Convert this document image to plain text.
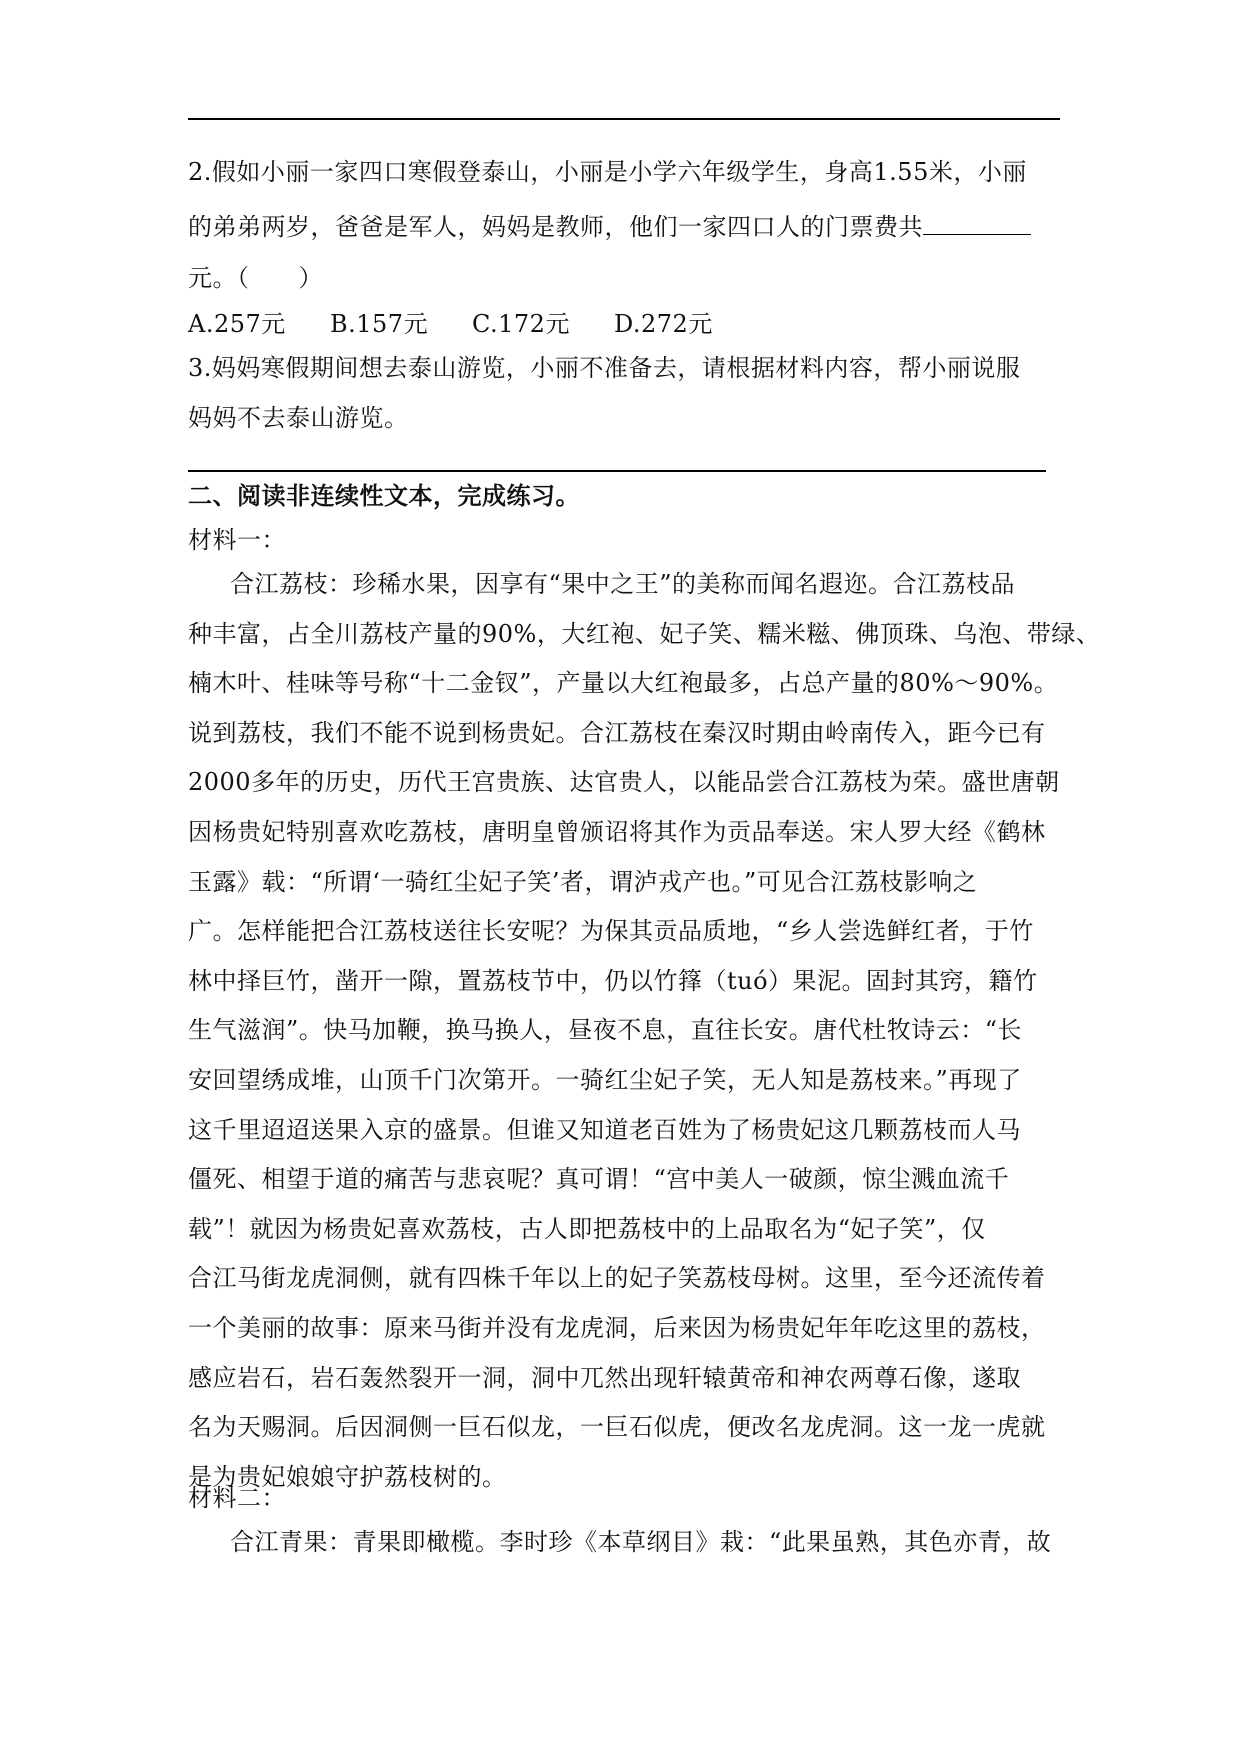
2.假如小丽一家四口寒假登泰山，小丽是小学六年级学生，身高1.55米，小丽
的弟弟两岁，爸爸是军人，妈妈是教师，他们一家四口人的门票费共
元。（　　）
A.257元 B.157元 C.172元 D.272元
3.妈妈寒假期间想去泰山游览，小丽不准备去，请根据材料内容，帮小丽说服
妈妈不去泰山游览。
二、阅读非连续性文本，完成练习。
材料一：
合江荔枝：珍稀水果，因享有“果中之王”的美称而闻名遐迩。合江荔枝品
种丰富，占全川荔枝产量的90%，大红袍、妃子笑、糯米糍、佛顶珠、乌泡、带绿、
楠木叶、桂味等号称“十二金钗”，产量以大红袍最多，占总产量的80%～90%。
说到荔枝，我们不能不说到杨贵妃。合江荔枝在秦汉时期由岭南传入，距今已有
2000多年的历史，历代王宫贵族、达官贵人，以能品尝合江荔枝为荣。盛世唐朝
因杨贵妃特别喜欢吃荔枝，唐明皇曾颁诏将其作为贡品奉送。宋人罗大经《鹤林
玉露》载：“所谓‘一骑红尘妃子笑’者，谓泸戎产也。”可见合江荔枝影响之
广。怎样能把合江荔枝送往长安呢？为保其贡品质地，“乡人尝选鲜红者，于竹
林中择巨竹，凿开一隙，置荔枝节中，仍以竹箨（tuó）果泥。固封其窍，籍竹
生气滋润”。快马加鞭，换马换人，昼夜不息，直往长安。唐代杜牧诗云：“长
安回望绣成堆，山顶千门次第开。一骑红尘妃子笑，无人知是荔枝来。”再现了
这千里迢迢送果入京的盛景。但谁又知道老百姓为了杨贵妃这几颗荔枝而人马
僵死、相望于道的痛苦与悲哀呢？真可谓！“宫中美人一破颜，惊尘溅血流千
载”！就因为杨贵妃喜欢荔枝，古人即把荔枝中的上品取名为“妃子笑”，仅
合江马街龙虎洞侧，就有四株千年以上的妃子笑荔枝母树。这里，至今还流传着
一个美丽的故事：原来马街并没有龙虎洞，后来因为杨贵妃年年吃这里的荔枝，
感应岩石，岩石轰然裂开一洞，洞中兀然出现轩辕黄帝和神农两尊石像，遂取
名为天赐洞。后因洞侧一巨石似龙，一巨石似虎，便改名龙虎洞。这一龙一虎就
是为贵妃娘娘守护荔枝树的。
材料二：
合江青果：青果即橄榄。李时珍《本草纲目》栽：“此果虽熟，其色亦青，故
